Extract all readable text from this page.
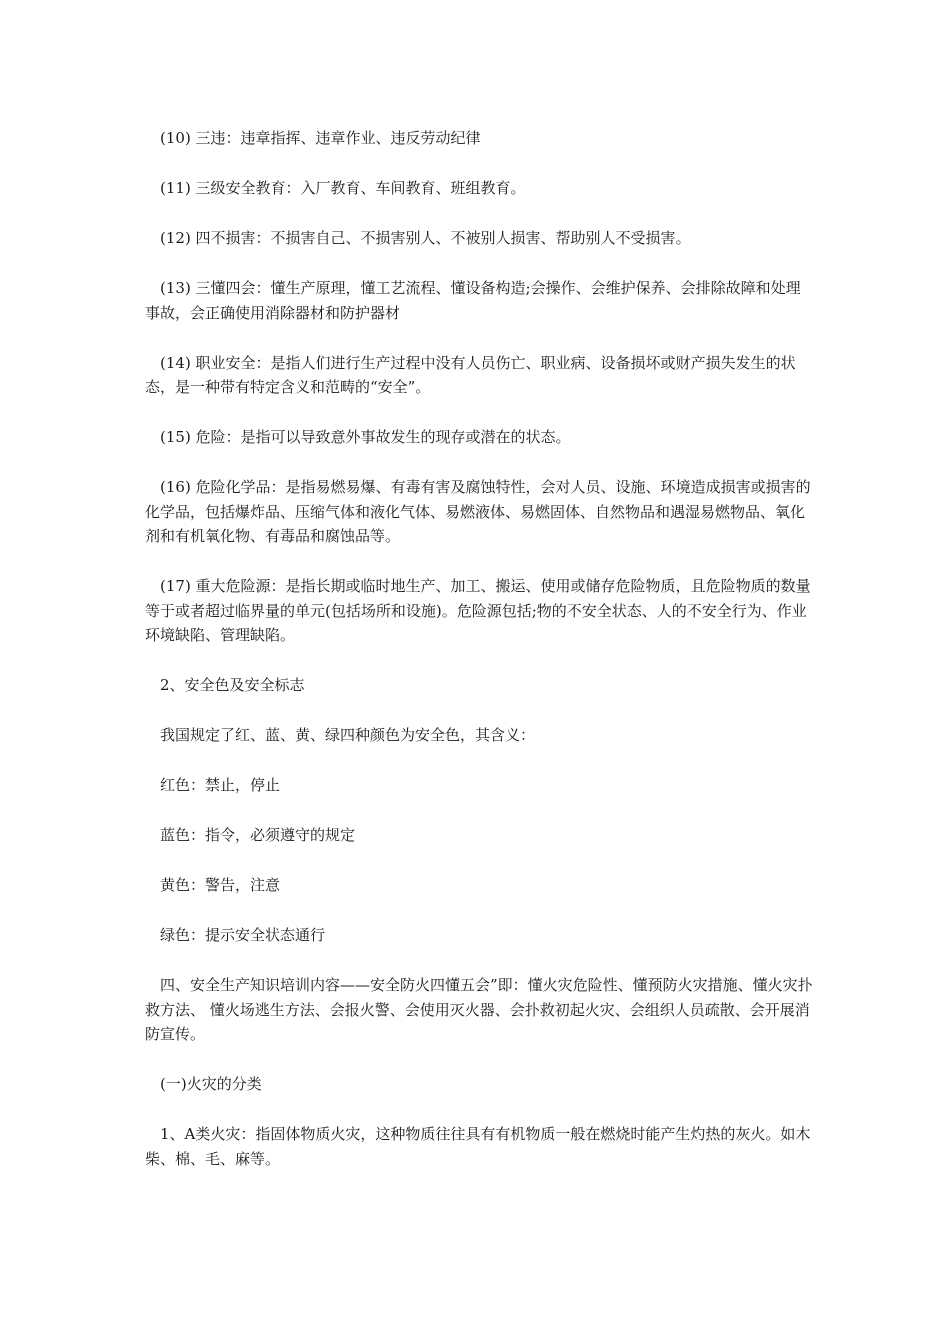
(10) 三违：违章指挥、违章作业、违反劳动纪律

(11) 三级安全教育：入厂教育、车间教育、班组教育。

(12) 四不损害：不损害自己、不损害别人、不被别人损害、帮助别人不受损害。

(13) 三懂四会：懂生产原理，懂工艺流程、懂设备构造;会操作、会维护保养、会排除故障和处理事故，会正确使用消除器材和防护器材

(14) 职业安全：是指人们进行生产过程中没有人员伤亡、职业病、设备损坏或财产损失发生的状态，是一种带有特定含义和范畴的“安全”。

(15) 危险：是指可以导致意外事故发生的现存或潜在的状态。

(16) 危险化学品：是指易燃易爆、有毒有害及腐蚀特性，会对人员、设施、环境造成损害或损害的化学品，包括爆炸品、压缩气体和液化气体、易燃液体、易燃固体、自然物品和遇湿易燃物品、氧化剂和有机氧化物、有毒品和腐蚀品等。

(17) 重大危险源：是指长期或临时地生产、加工、搬运、使用或储存危险物质，且危险物质的数量等于或者超过临界量的单元(包括场所和设施)。危险源包括;物的不安全状态、人的不安全行为、作业环境缺陷、管理缺陷。

2、安全色及安全标志

我国规定了红、蓝、黄、绿四种颜色为安全色，其含义：

红色：禁止，停止

蓝色：指令，必须遵守的规定

黄色：警告，注意

绿色：提示安全状态通行

四、安全生产知识培训内容——安全防火四懂五会”即：懂火灾危险性、懂预防火灾措施、懂火灾扑救方法、 懂火场逃生方法、会报火警、会使用灭火器、会扑救初起火灾、会组织人员疏散、会开展消防宣传。

(一)火灾的分类

1、A类火灾：指固体物质火灾，这种物质往往具有有机物质一般在燃烧时能产生灼热的灰火。如木柴、棉、毛、麻等。
